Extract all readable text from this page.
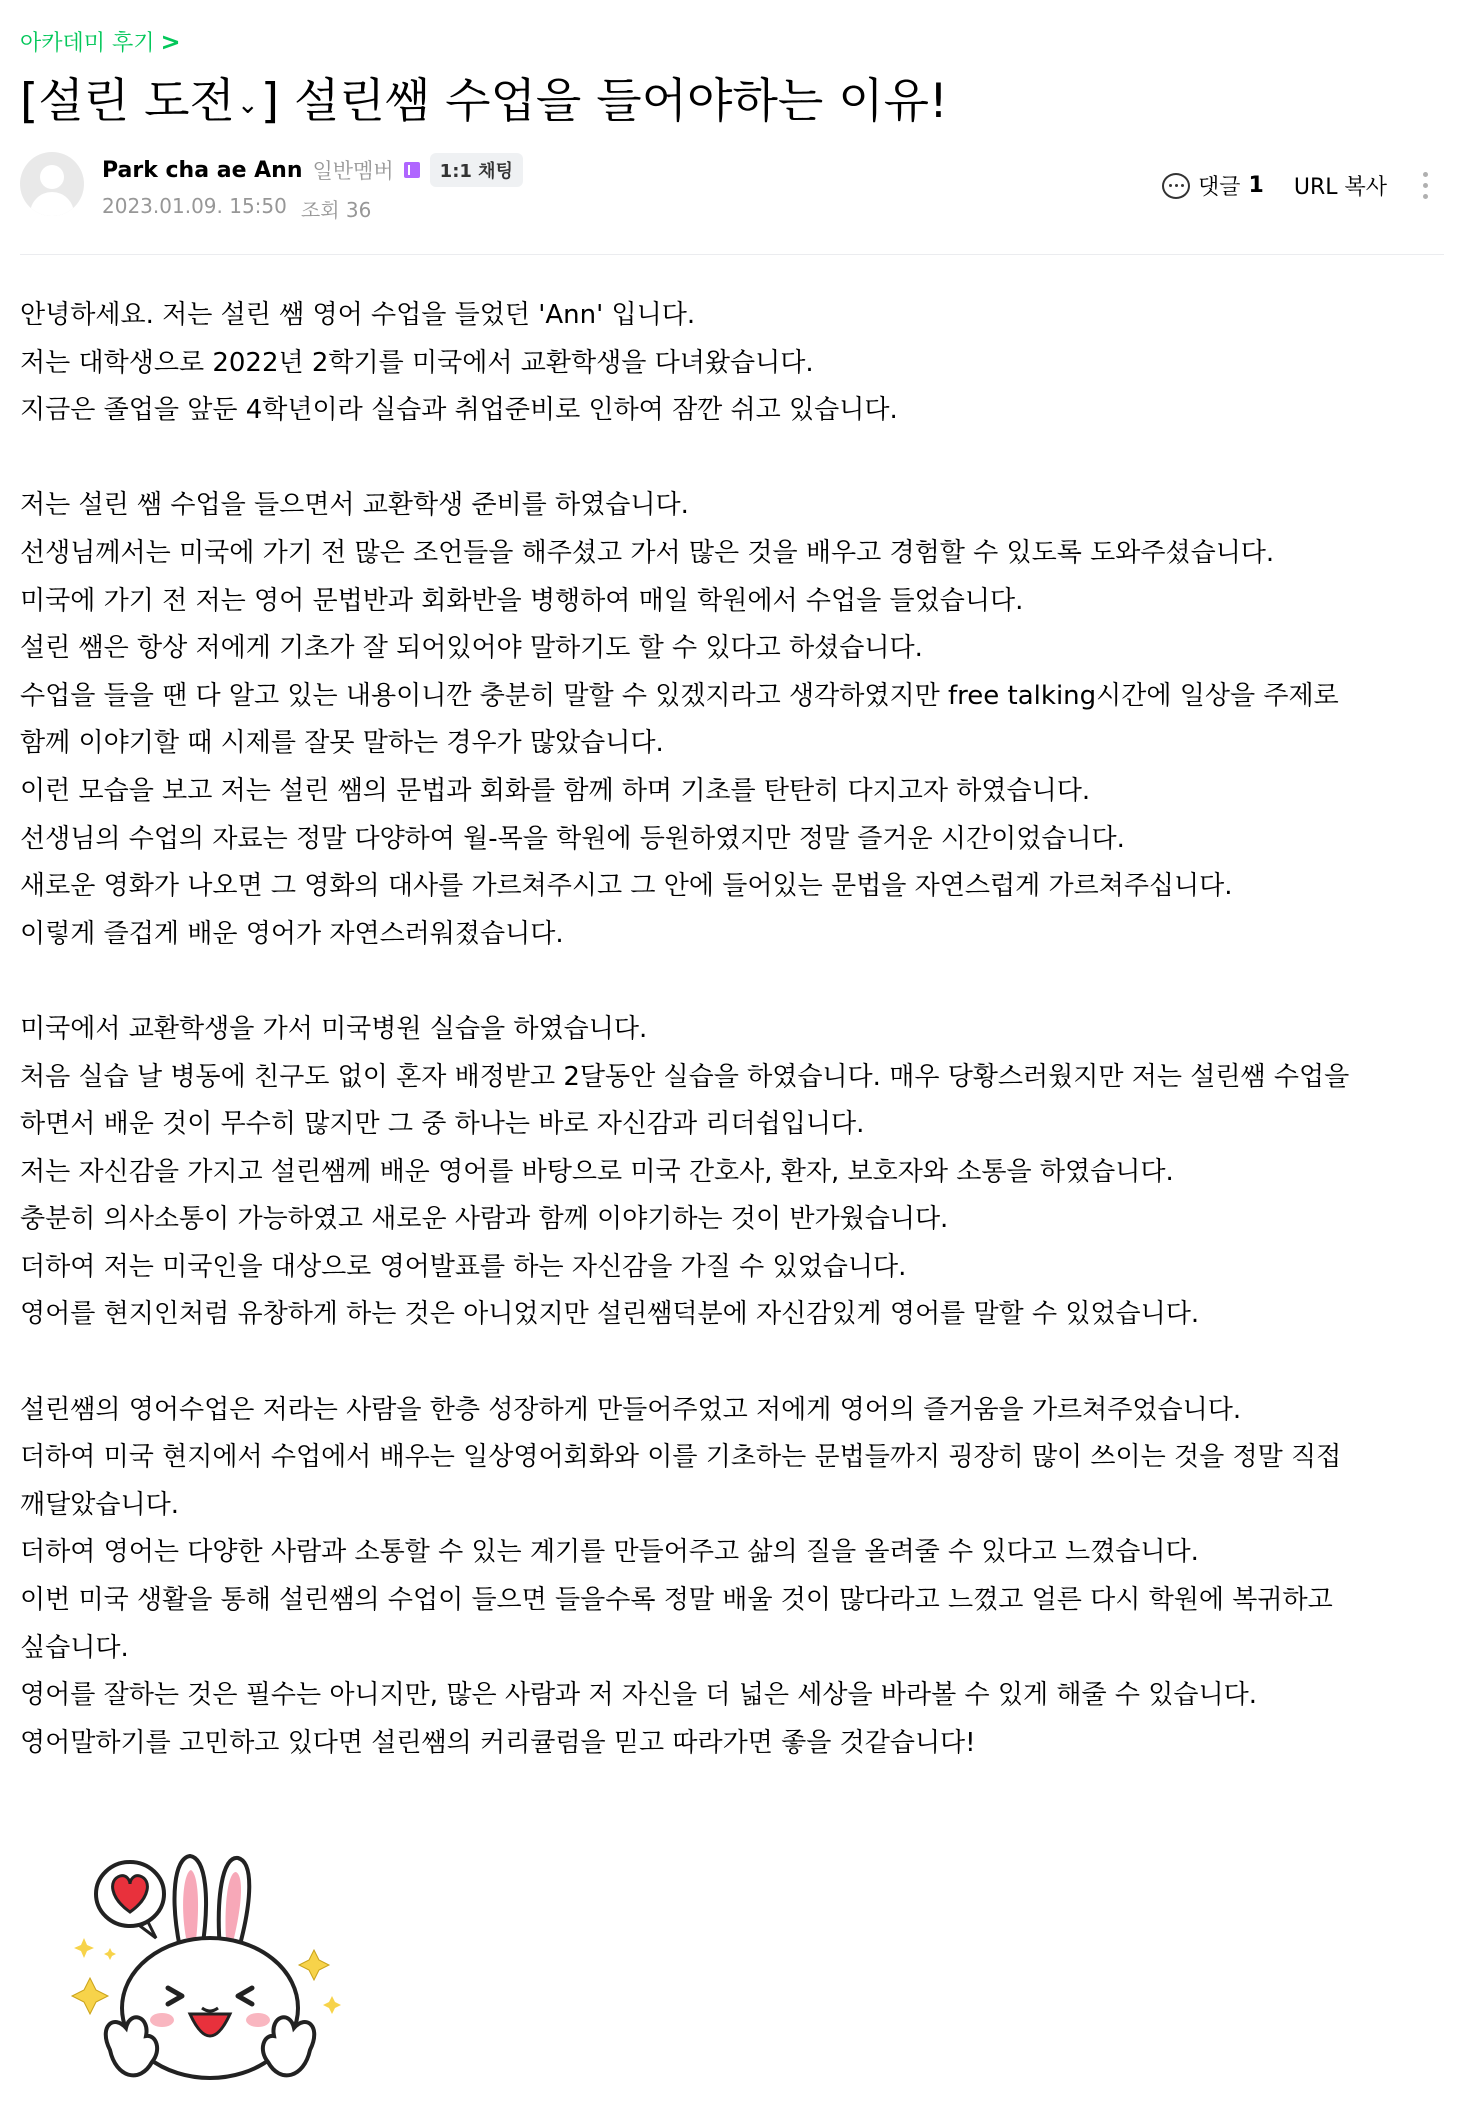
아카데미 후기 >
[설린 도전⌄] 설린쌤 수업을 들어야하는 이유!
Park cha ae Ann 일반멤버	1:1 채팅
2023.01.09. 15:50 조회 36
댓글 1 URL 복사

안녕하세요. 저는 설린 쌤 영어 수업을 들었던 'Ann' 입니다.

저는 대학생으로 2022년 2학기를 미국에서 교환학생을 다녀왔습니다.

지금은 졸업을 앞둔 4학년이라 실습과 취업준비로 인하여 잠깐 쉬고 있습니다.

저는 설린 쌤 수업을 들으면서 교환학생 준비를 하였습니다.

선생님께서는 미국에 가기 전 많은 조언들을 해주셨고 가서 많은 것을 배우고 경험할 수 있도록 도와주셨습니다.

미국에 가기 전 저는 영어 문법반과 회화반을 병행하여 매일 학원에서 수업을 들었습니다.

설린 쌤은 항상 저에게 기초가 잘 되어있어야 말하기도 할 수 있다고 하셨습니다.

수업을 들을 땐 다 알고 있는 내용이니깐 충분히 말할 수 있겠지라고 생각하였지만 free talking시간에 일상을 주제로

함께 이야기할 때 시제를 잘못 말하는 경우가 많았습니다.

이런 모습을 보고 저는 설린 쌤의 문법과 회화를 함께 하며 기초를 탄탄히 다지고자 하였습니다.

선생님의 수업의 자료는 정말 다양하여 월-목을 학원에 등원하였지만 정말 즐거운 시간이었습니다.

새로운 영화가 나오면 그 영화의 대사를 가르쳐주시고 그 안에 들어있는 문법을 자연스럽게 가르쳐주십니다.

이렇게 즐겁게 배운 영어가 자연스러워졌습니다.

미국에서 교환학생을 가서 미국병원 실습을 하였습니다.

처음 실습 날 병동에 친구도 없이 혼자 배정받고 2달동안 실습을 하였습니다. 매우 당황스러웠지만 저는 설린쌤 수업을

하면서 배운 것이 무수히 많지만 그 중 하나는 바로 자신감과 리더쉽입니다.

저는 자신감을 가지고 설린쌤께 배운 영어를 바탕으로 미국 간호사, 환자, 보호자와 소통을 하였습니다.

충분히 의사소통이 가능하였고 새로운 사람과 함께 이야기하는 것이 반가웠습니다.

더하여 저는 미국인을 대상으로 영어발표를 하는 자신감을 가질 수 있었습니다.

영어를 현지인처럼 유창하게 하는 것은 아니었지만 설린쌤덕분에 자신감있게 영어를 말할 수 있었습니다.

설린쌤의 영어수업은 저라는 사람을 한층 성장하게 만들어주었고 저에게 영어의 즐거움을 가르쳐주었습니다.

더하여 미국 현지에서 수업에서 배우는 일상영어회화와 이를 기초하는 문법들까지 굉장히 많이 쓰이는 것을 정말 직접

깨달았습니다.

더하여 영어는 다양한 사람과 소통할 수 있는 계기를 만들어주고 삶의 질을 올려줄 수 있다고 느꼈습니다.

이번 미국 생활을 통해 설린쌤의 수업이 들으면 들을수록 정말 배울 것이 많다라고 느꼈고 얼른 다시 학원에 복귀하고

싶습니다.

영어를 잘하는 것은 필수는 아니지만, 많은 사람과 저 자신을 더 넓은 세상을 바라볼 수 있게 해줄 수 있습니다.

영어말하기를 고민하고 있다면 설린쌤의 커리큘럼을 믿고 따라가면 좋을 것같습니다!
